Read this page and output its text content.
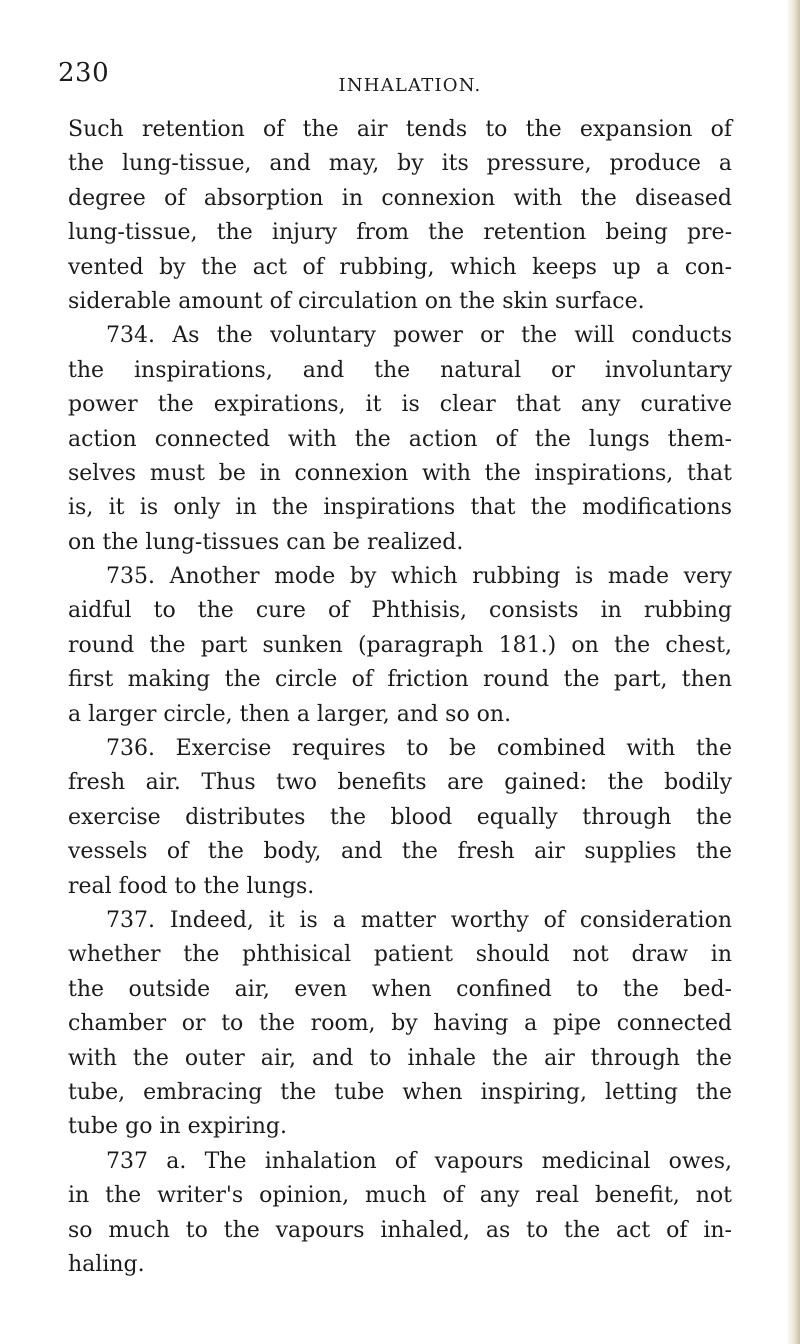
230	INHALATION.
Such retention of the air tends to the expansion of
the lung-tissue, and may, by its pressure, produce a
degree of absorption in connexion with the diseased
lung-tissue, the injury from the retention being pre-
vented by the act of rubbing, which keeps up a con-
siderable amount of circulation on the skin surface.
734. As the voluntary power or the will conducts
the inspirations, and the natural or involuntary
power the expirations, it is clear that any curative
action connected with the action of the lungs them-
selves must be in connexion with the inspirations, that
is, it is only in the inspirations that the modifications
on the lung-tissues can be realized.
735. Another mode by which rubbing is made very
aidful to the cure of Phthisis, consists in rubbing
round the part sunken (paragraph 181.) on the chest,
first making the circle of friction round the part, then
a larger circle, then a larger, and so on.
736. Exercise requires to be combined with the
fresh air. Thus two benefits are gained: the bodily
exercise distributes the blood equally through the
vessels of the body, and the fresh air supplies the
real food to the lungs.
737. Indeed, it is a matter worthy of consideration
whether the phthisical patient should not draw in
the outside air, even when confined to the bed-
chamber or to the room, by having a pipe connected
with the outer air, and to inhale the air through the
tube, embracing the tube when inspiring, letting the
tube go in expiring.
737 a. The inhalation of vapours medicinal owes,
in the writer's opinion, much of any real benefit, not
so much to the vapours inhaled, as to the act of in-
haling.
